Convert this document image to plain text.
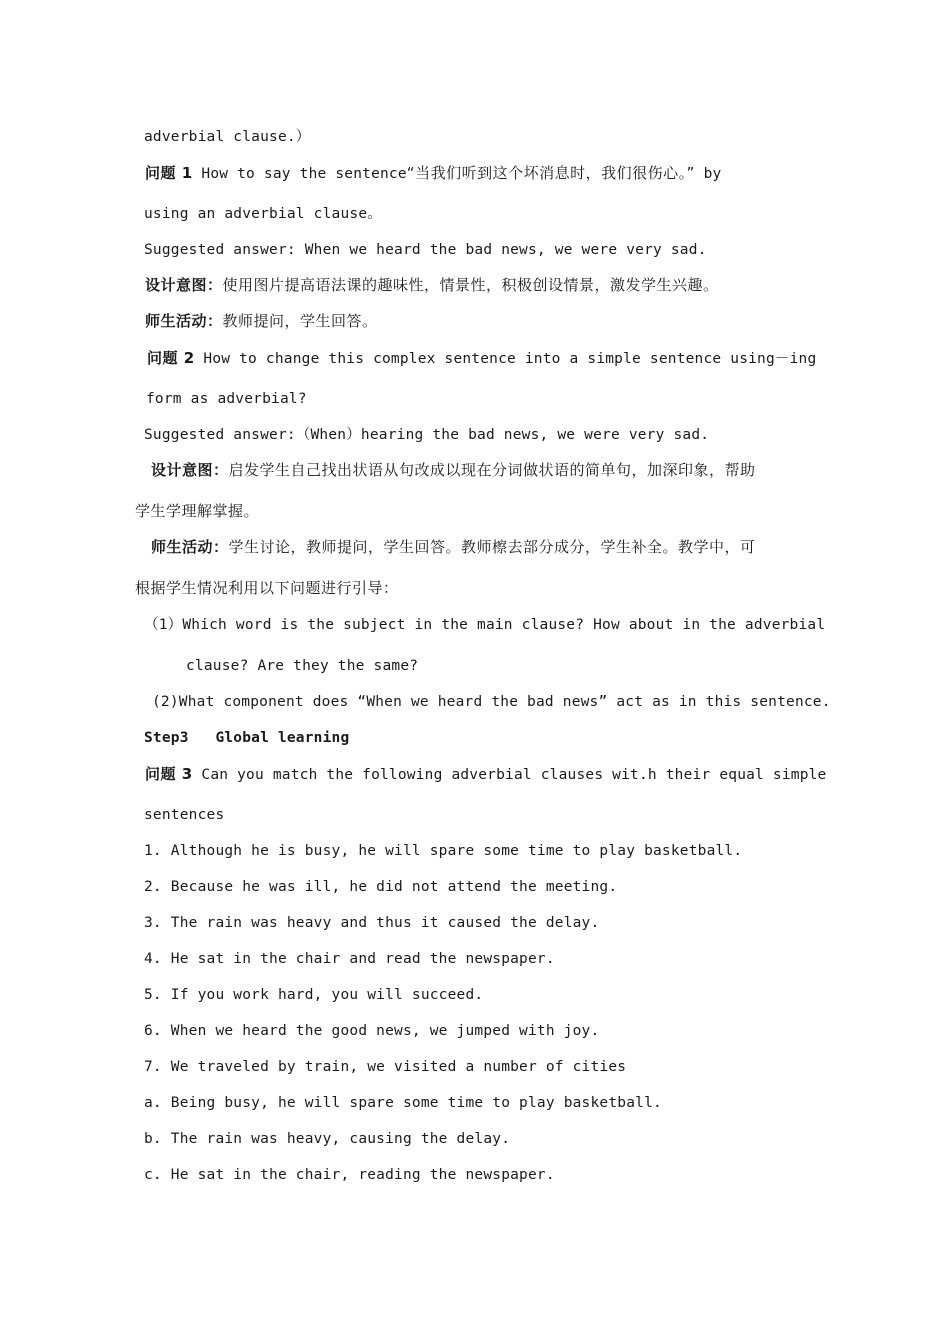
adverbial clause.）
问题 1 How to say the sentence“当我们听到这个坏消息时，我们很伤心。” by
using an adverbial clause。
Suggested answer: When we heard the bad news, we were very sad.
设计意图：使用图片提高语法课的趣味性，情景性，积极创设情景，激发学生兴趣。
师生活动：教师提问，学生回答。
问题 2 How to change this complex sentence into a simple sentence using－ing
form as adverbial?
Suggested answer:（When）hearing the bad news, we were very sad.
设计意图：启发学生自己找出状语从句改成以现在分词做状语的简单句，加深印象，帮助
学生学理解掌握。
师生活动：学生讨论，教师提问，学生回答。教师檫去部分成分，学生补全。教学中，可
根据学生情况利用以下问题进行引导：
（1）Which word is the subject in the main clause? How about in the adverbial
clause? Are they the same?
(2)What component does “When we heard the bad news” act as in this sentence.
Step3   Global learning
问题 3 Can you match the following adverbial clauses wit.h their equal simple
sentences
1. Although he is busy, he will spare some time to play basketball.
2. Because he was ill, he did not attend the meeting.
3. The rain was heavy and thus it caused the delay.
4. He sat in the chair and read the newspaper.
5. If you work hard, you will succeed.
6. When we heard the good news, we jumped with joy.
7. We traveled by train, we visited a number of cities
a. Being busy, he will spare some time to play basketball.
b. The rain was heavy, causing the delay.
c. He sat in the chair, reading the newspaper.
